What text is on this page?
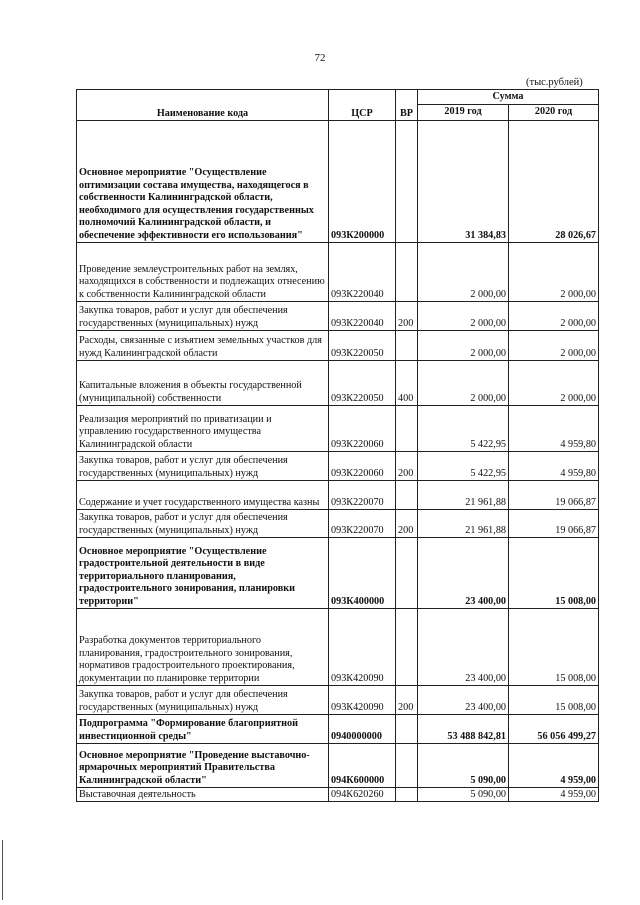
72
(тыс.рублей)
Наименование кода	ЦСР	ВР	Сумма	
			2019 год	2020 год
Основное мероприятие "Осуществление оптимизации состава имущества, находящегося в собственности Калининградской области, необходимого для осуществления государственных полномочий Калининградской области, и обеспечение эффективности его использования"	093К200000		31 384,83	28 026,67
Проведение землеустроительных работ на землях, находящихся в собственности и подлежащих отнесению к собственности Калининградской области	093К220040		2 000,00	2 000,00
Закупка товаров, работ и услуг для обеспечения государственных (муниципальных) нужд	093К220040	200	2 000,00	2 000,00
Расходы, связанные с изъятием земельных участков для нужд Калининградской области	093К220050		2 000,00	2 000,00
Капитальные вложения в объекты государственной (муниципальной) собственности	093К220050	400	2 000,00	2 000,00
Реализация мероприятий по приватизации и управлению государственного имущества Калининградской области	093К220060		5 422,95	4 959,80
Закупка товаров, работ и услуг для обеспечения государственных (муниципальных) нужд	093К220060	200	5 422,95	4 959,80
Содержание и учет государственного имущества казны	093К220070		21 961,88	19 066,87
Закупка товаров, работ и услуг для обеспечения государственных (муниципальных) нужд	093К220070	200	21 961,88	19 066,87
Основное мероприятие "Осуществление градостроительной деятельности в виде территориального планирования, градостроительного зонирования, планировки территории"	093К400000		23 400,00	15 008,00
Разработка документов территориального планирования, градостроительного зонирования, нормативов градостроительного проектирования, документации по планировке территории	093К420090		23 400,00	15 008,00
Закупка товаров, работ и услуг для обеспечения государственных (муниципальных) нужд	093К420090	200	23 400,00	15 008,00
Подпрограмма "Формирование благоприятной инвестиционной среды"	0940000000		53 488 842,81	56 056 499,27
Основное мероприятие "Проведение выставочно-ярмарочных мероприятий Правительства Калининградской области"	094К600000		5 090,00	4 959,00
Выставочная деятельность	094К620260		5 090,00	4 959,00
